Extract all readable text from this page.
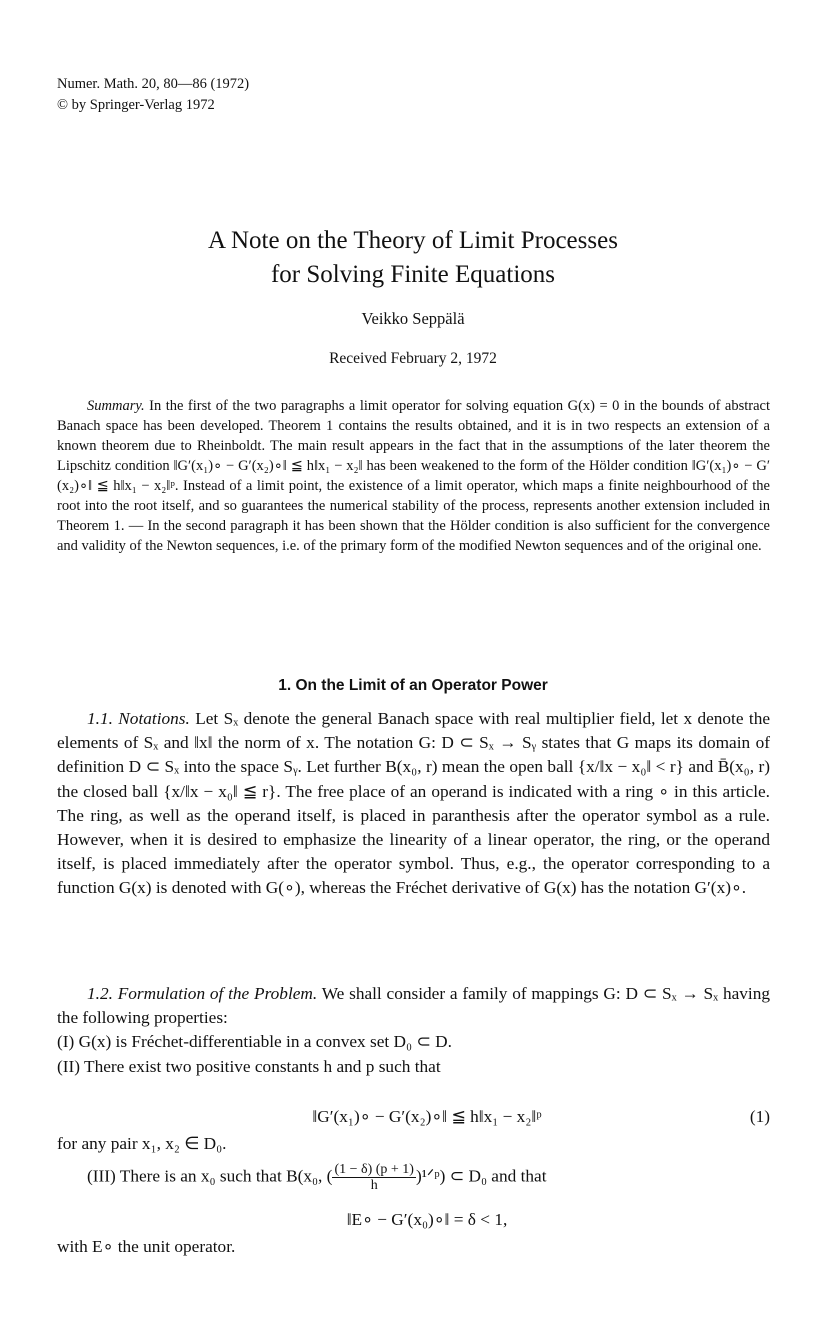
Numer. Math. 20, 80—86 (1972)
© by Springer-Verlag 1972
A Note on the Theory of Limit Processes
for Solving Finite Equations
Veikko Seppälä
Received February 2, 1972

Summary. In the first of the two paragraphs a limit operator for solving equation G(x) = 0 in the bounds of abstract Banach space has been developed. Theorem 1 contains the results obtained, and it is in two respects an extension of a known theorem due to Rheinboldt. The main result appears in the fact that in the assumptions of the later theorem the Lipschitz condition ‖G′(x₁)∘ − G′(x₂)∘‖ ≦ h‖x₁ − x₂‖ has been weakened to the form of the Hölder condition ‖G′(x₁)∘ − G′(x₂)∘‖ ≦ h‖x₁ − x₂‖ᵖ. Instead of a limit point, the existence of a limit operator, which maps a finite neighbourhood of the root into the root itself, and so guarantees the numerical stability of the process, represents another extension included in Theorem 1. — In the second paragraph it has been shown that the Hölder condition is also sufficient for the convergence and validity of the Newton sequences, i.e. of the primary form of the modified Newton sequences and of the original one.

1. On the Limit of an Operator Power

1.1. Notations. Let Sₓ denote the general Banach space with real multiplier field, let x denote the elements of Sₓ and ‖x‖ the norm of x. The notation G: D ⊂ Sₓ → Sᵧ states that G maps its domain of definition D ⊂ Sₓ into the space Sᵧ. Let further B(x₀, r) mean the open ball {x/‖x − x₀‖ < r} and B̄(x₀, r) the closed ball {x/‖x − x₀‖ ≦ r}. The free place of an operand is indicated with a ring ∘ in this article. The ring, as well as the operand itself, is placed in paranthesis after the operator symbol as a rule. However, when it is desired to emphasize the linearity of a linear operator, the ring, or the operand itself, is placed immediately after the operator symbol. Thus, e.g., the operator corresponding to a function G(x) is denoted with G(∘), whereas the Fréchet derivative of G(x) has the notation G′(x)∘.

1.2. Formulation of the Problem. We shall consider a family of mappings G: D ⊂ Sₓ → Sₓ having the following properties:

(I) G(x) is Fréchet-differentiable in a convex set D₀ ⊂ D.

(II) There exist two positive constants h and p such that

‖G′(x₁)∘ − G′(x₂)∘‖ ≦ h‖x₁ − x₂‖ᵖ	(1)
for any pair x₁, x₂ ∈ D₀.
(III) There is an x₀ such that B(x₀, ( $\frac{(1 - \delta) (p + 1)}{h}$ )¹ᐟᵖ) ⊂ D₀ and that
‖E∘ − G′(x₀)∘‖ = δ < 1,
with E∘ the unit operator.
